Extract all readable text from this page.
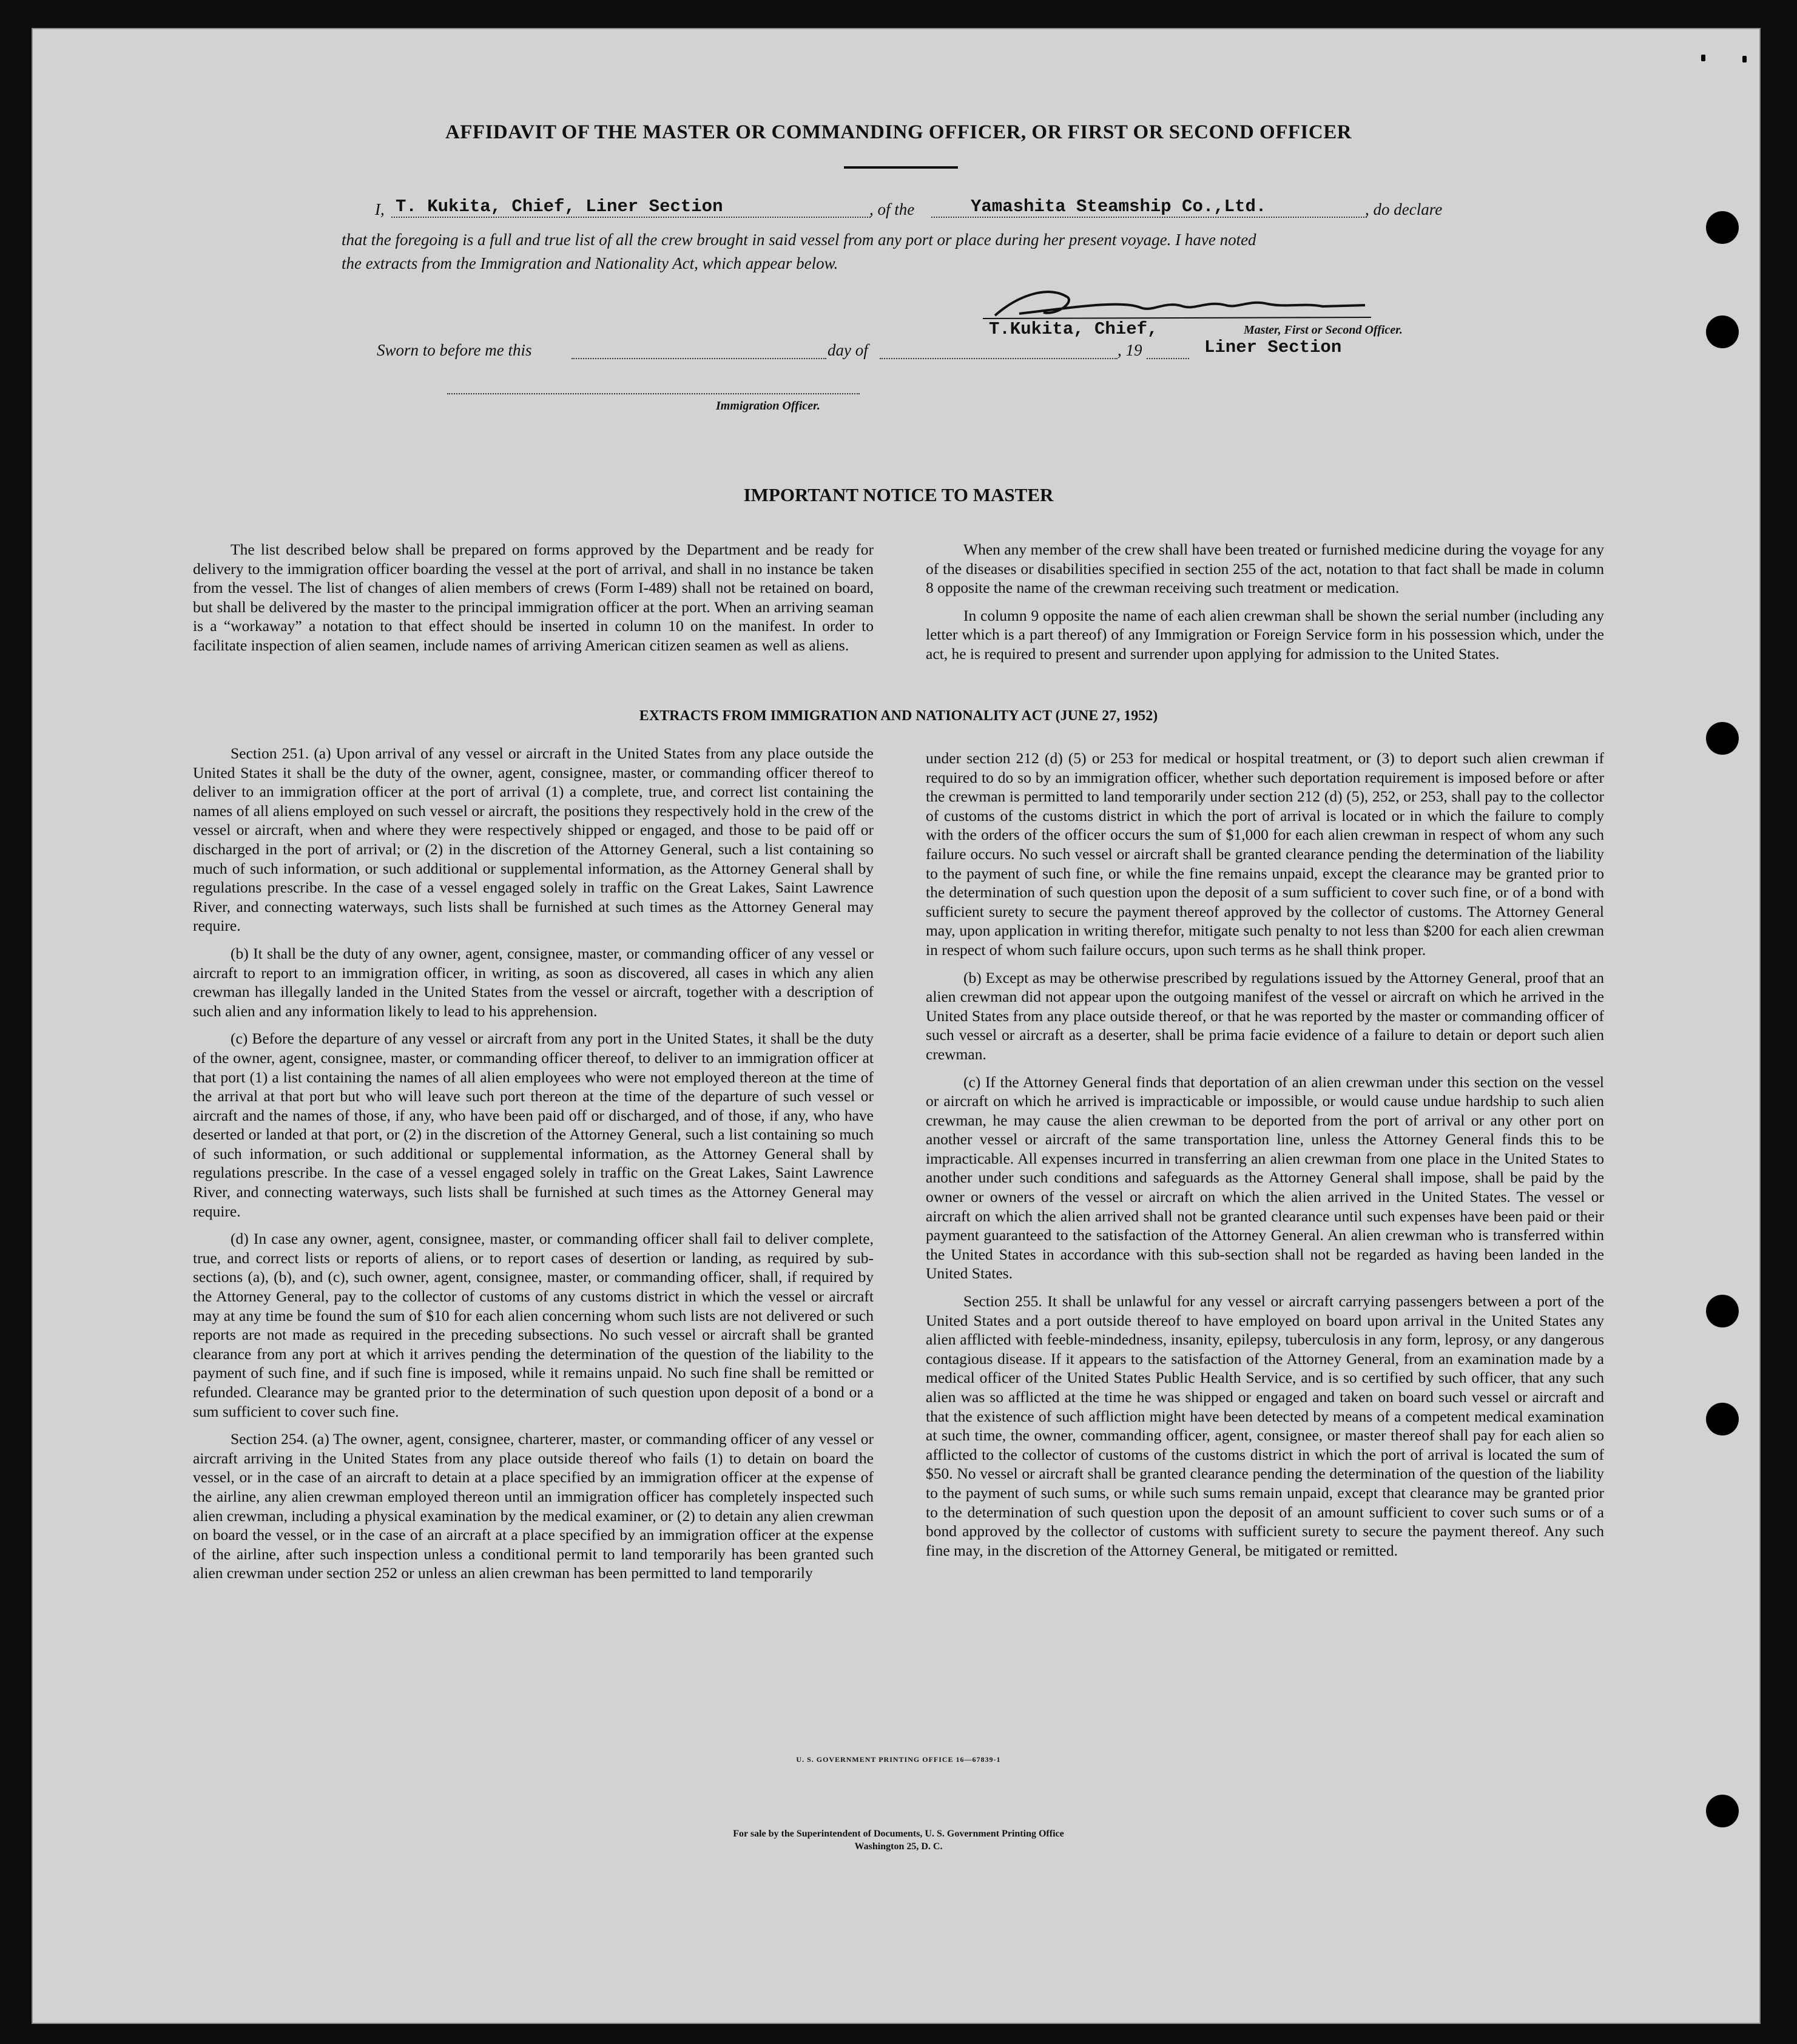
AFFIDAVIT OF THE MASTER OR COMMANDING OFFICER, OR FIRST OR SECOND OFFICER
I, T. Kukita, Chief, Liner Section	, of the	Yamashita Steamship Co.,Ltd.	, do declare
that the foregoing is a full and true list of all the crew brought in said vessel from any port or place during her present voyage. I have noted
the extracts from the Immigration and Nationality Act, which appear below.
T.Kukita, Chief,	Master, First or Second Officer.
Liner Section
Sworn to before me this	day of	, 19
Immigration Officer.
IMPORTANT NOTICE TO MASTER

The list described below shall be prepared on forms approved by the Department and be ready for delivery to the immigration officer boarding the vessel at the port of arrival, and shall in no instance be taken from the vessel. The list of changes of alien members of crews (Form I-489) shall not be retained on board, but shall be delivered by the master to the principal immigration officer at the port. When an arriving seaman is a “workaway” a notation to that effect should be inserted in column 10 on the manifest. In order to facilitate inspection of alien seamen, include names of arriving American citizen seamen as well as aliens.

When any member of the crew shall have been treated or furnished medicine during the voyage for any of the diseases or disabilities specified in section 255 of the act, notation to that fact shall be made in column 8 opposite the name of the crewman receiving such treatment or medication.

In column 9 opposite the name of each alien crewman shall be shown the serial number (including any letter which is a part thereof) of any Immigration or Foreign Service form in his possession which, under the act, he is required to present and surrender upon applying for admission to the United States.

EXTRACTS FROM IMMIGRATION AND NATIONALITY ACT (JUNE 27, 1952)

Section 251. (a) Upon arrival of any vessel or aircraft in the United States from any place outside the United States it shall be the duty of the owner, agent, consignee, master, or commanding officer thereof to deliver to an immigration officer at the port of arrival (1) a complete, true, and correct list containing the names of all aliens employed on such vessel or aircraft, the positions they respectively hold in the crew of the vessel or aircraft, when and where they were respectively shipped or engaged, and those to be paid off or discharged in the port of arrival; or (2) in the discretion of the Attorney General, such a list containing so much of such information, or such additional or supplemental information, as the Attorney General shall by regulations prescribe. In the case of a vessel engaged solely in traffic on the Great Lakes, Saint Lawrence River, and connecting waterways, such lists shall be furnished at such times as the Attorney General may require.

(b) It shall be the duty of any owner, agent, consignee, master, or commanding officer of any vessel or aircraft to report to an immigration officer, in writing, as soon as discovered, all cases in which any alien crewman has illegally landed in the United States from the vessel or aircraft, together with a description of such alien and any information likely to lead to his apprehension.

(c) Before the departure of any vessel or aircraft from any port in the United States, it shall be the duty of the owner, agent, consignee, master, or commanding officer thereof, to deliver to an immigration officer at that port (1) a list containing the names of all alien employees who were not employed thereon at the time of the arrival at that port but who will leave such port thereon at the time of the departure of such vessel or aircraft and the names of those, if any, who have been paid off or discharged, and of those, if any, who have deserted or landed at that port, or (2) in the discretion of the Attorney General, such a list containing so much of such information, or such additional or supplemental information, as the Attorney General shall by regulations prescribe. In the case of a vessel engaged solely in traffic on the Great Lakes, Saint Lawrence River, and connecting waterways, such lists shall be furnished at such times as the Attorney General may require.

(d) In case any owner, agent, consignee, master, or commanding officer shall fail to deliver complete, true, and correct lists or reports of aliens, or to report cases of desertion or landing, as required by sub-sections (a), (b), and (c), such owner, agent, consignee, master, or commanding officer, shall, if required by the Attorney General, pay to the collector of customs of any customs district in which the vessel or aircraft may at any time be found the sum of $10 for each alien concerning whom such lists are not delivered or such reports are not made as required in the preceding subsections. No such vessel or aircraft shall be granted clearance from any port at which it arrives pending the determination of the question of the liability to the payment of such fine, and if such fine is imposed, while it remains unpaid. No such fine shall be remitted or refunded. Clearance may be granted prior to the determination of such question upon deposit of a bond or a sum sufficient to cover such fine.

Section 254. (a) The owner, agent, consignee, charterer, master, or commanding officer of any vessel or aircraft arriving in the United States from any place outside thereof who fails (1) to detain on board the vessel, or in the case of an aircraft to detain at a place specified by an immigration officer at the expense of the airline, any alien crewman employed thereon until an immigration officer has completely inspected such alien crewman, including a physical examination by the medical examiner, or (2) to detain any alien crewman on board the vessel, or in the case of an aircraft at a place specified by an immigration officer at the expense of the airline, after such inspection unless a conditional permit to land temporarily has been granted such alien crewman under section 252 or unless an alien crewman has been permitted to land temporarily

under section 212 (d) (5) or 253 for medical or hospital treatment, or (3) to deport such alien crewman if required to do so by an immigration officer, whether such deportation requirement is imposed before or after the crewman is permitted to land temporarily under section 212 (d) (5), 252, or 253, shall pay to the collector of customs of the customs district in which the port of arrival is located or in which the failure to comply with the orders of the officer occurs the sum of $1,000 for each alien crewman in respect of whom any such failure occurs. No such vessel or aircraft shall be granted clearance pending the determination of the liability to the payment of such fine, or while the fine remains unpaid, except the clearance may be granted prior to the determination of such question upon the deposit of a sum sufficient to cover such fine, or of a bond with sufficient surety to secure the payment thereof approved by the collector of customs. The Attorney General may, upon application in writing therefor, mitigate such penalty to not less than $200 for each alien crewman in respect of whom such failure occurs, upon such terms as he shall think proper.

(b) Except as may be otherwise prescribed by regulations issued by the Attorney General, proof that an alien crewman did not appear upon the outgoing manifest of the vessel or aircraft on which he arrived in the United States from any place outside thereof, or that he was reported by the master or commanding officer of such vessel or aircraft as a deserter, shall be prima facie evidence of a failure to detain or deport such alien crewman.

(c) If the Attorney General finds that deportation of an alien crewman under this section on the vessel or aircraft on which he arrived is impracticable or impossible, or would cause undue hardship to such alien crewman, he may cause the alien crewman to be deported from the port of arrival or any other port on another vessel or aircraft of the same transportation line, unless the Attorney General finds this to be impracticable. All expenses incurred in transferring an alien crewman from one place in the United States to another under such conditions and safeguards as the Attorney General shall impose, shall be paid by the owner or owners of the vessel or aircraft on which the alien arrived in the United States. The vessel or aircraft on which the alien arrived shall not be granted clearance until such expenses have been paid or their payment guaranteed to the satisfaction of the Attorney General. An alien crewman who is transferred within the United States in accordance with this sub-section shall not be regarded as having been landed in the United States.

Section 255. It shall be unlawful for any vessel or aircraft carrying passengers between a port of the United States and a port outside thereof to have employed on board upon arrival in the United States any alien afflicted with feeble-mindedness, insanity, epilepsy, tuberculosis in any form, leprosy, or any dangerous contagious disease. If it appears to the satisfaction of the Attorney General, from an examination made by a medical officer of the United States Public Health Service, and is so certified by such officer, that any such alien was so afflicted at the time he was shipped or engaged and taken on board such vessel or aircraft and that the existence of such affliction might have been detected by means of a competent medical examination at such time, the owner, commanding officer, agent, consignee, or master thereof shall pay for each alien so afflicted to the collector of customs of the customs district in which the port of arrival is located the sum of $50. No vessel or aircraft shall be granted clearance pending the determination of the question of the liability to the payment of such sums, or while such sums remain unpaid, except that clearance may be granted prior to the determination of such question upon the deposit of an amount sufficient to cover such sums or of a bond approved by the collector of customs with sufficient surety to secure the payment thereof. Any such fine may, in the discretion of the Attorney General, be mitigated or remitted.

U. S. GOVERNMENT PRINTING OFFICE 16—67839-1
For sale by the Superintendent of Documents, U. S. Government Printing Office
Washington 25, D. C.
